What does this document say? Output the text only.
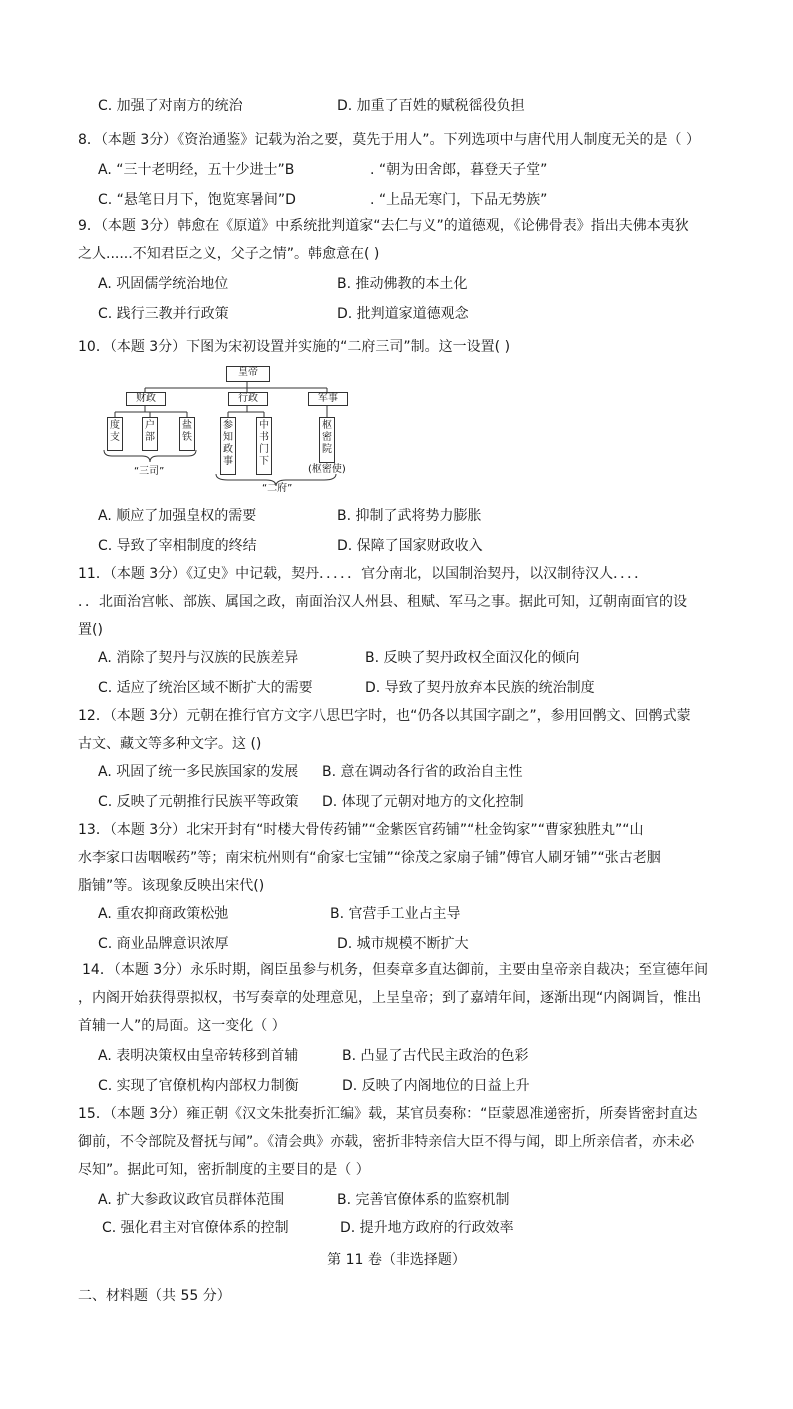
C. 加强了对南方的统治	D. 加重了百姓的赋税徭役负担
8．（本题 3分）《资治通鉴》记载为治之要，莫先于用人”。下列选项中与唐代用人制度无关的是（ ）
A. “三十老明经，五十少进士”B	. “朝为田舍郎，暮登天子堂”
C. “悬笔日月下，饱览寒暑间”D	. “上品无寒门，下品无势族”
9．（本题 3分）韩愈在《原道》中系统批判道家“去仁与义”的道德观，《论佛骨表》指出夫佛本夷狄
之人......不知君臣之义，父子之情”。韩愈意在( )
A. 巩固儒学统治地位	B. 推动佛教的本土化
C. 践行三教并行政策	D. 批判道家道德观念
10．（本题 3分）下图为宋初设置并实施的“二府三司”制。这一设置( )
皇帝
财政	行政	军事
度支
户部
盐铁
参知政事
中书门下
枢密院
(枢密使)
“三司”
“二府”
A. 顺应了加强皇权的需要	B. 抑制了武将势力膨胀
C. 导致了宰相制度的终结	D. 保障了国家财政收入
11．（本题 3分）《辽史》中记载，契丹．．．．．官分南北，以国制治契丹，以汉制待汉人．．．．
．．北面治宫帐、部族、属国之政，南面治汉人州县、租赋、军马之事。据此可知，辽朝南面官的设
置()
A. 消除了契丹与汉族的民族差异	B. 反映了契丹政权全面汉化的倾向
C. 适应了统治区域不断扩大的需要	D. 导致了契丹放弃本民族的统治制度
12．（本题 3分）元朝在推行官方文字八思巴字时，也“仍各以其国字副之”，参用回鹘文、回鹘式蒙
古文、藏文等多种文字。这 ()
A. 巩固了统一多民族国家的发展 B. 意在调动各行省的政治自主性
C. 反映了元朝推行民族平等政策 D. 体现了元朝对地方的文化控制
13．（本题 3分）北宋开封有“时楼大骨传药铺”“金紫医官药铺”“杜金钩家”“曹家独胜丸”“山
水李家口齿咽喉药”等；南宋杭州则有“俞家七宝铺”“徐茂之家扇子铺”傅官人刷牙铺”“张古老胭
脂铺”等。该现象反映出宋代()
A. 重农抑商政策松弛	B. 官营手工业占主导
C. 商业品牌意识浓厚	D. 城市规模不断扩大
14．（本题 3分）永乐时期，阁臣虽参与机务，但奏章多直达御前，主要由皇帝亲自裁决；至宣德年间
，内阁开始获得票拟权，书写奏章的处理意见，上呈皇帝；到了嘉靖年间，逐渐出现“内阁调旨，惟出
首辅一人”的局面。这一变化（ ）
A. 表明决策权由皇帝转移到首辅	B. 凸显了古代民主政治的色彩
C. 实现了官僚机构内部权力制衡	D. 反映了内阁地位的日益上升
15．（本题 3分）雍正朝《汉文朱批奏折汇编》载，某官员奏称：“臣蒙恩准递密折，所奏皆密封直达
御前，不令部院及督抚与闻”。《清会典》亦载，密折非特亲信大臣不得与闻，即上所亲信者，亦未必
尽知”。据此可知，密折制度的主要目的是（ ）
A. 扩大参政议政官员群体范围	B. 完善官僚体系的监察机制
C. 强化君主对官僚体系的控制	D. 提升地方政府的行政效率
第 11 卷（非选择题）
二、材料题（共 55 分）
